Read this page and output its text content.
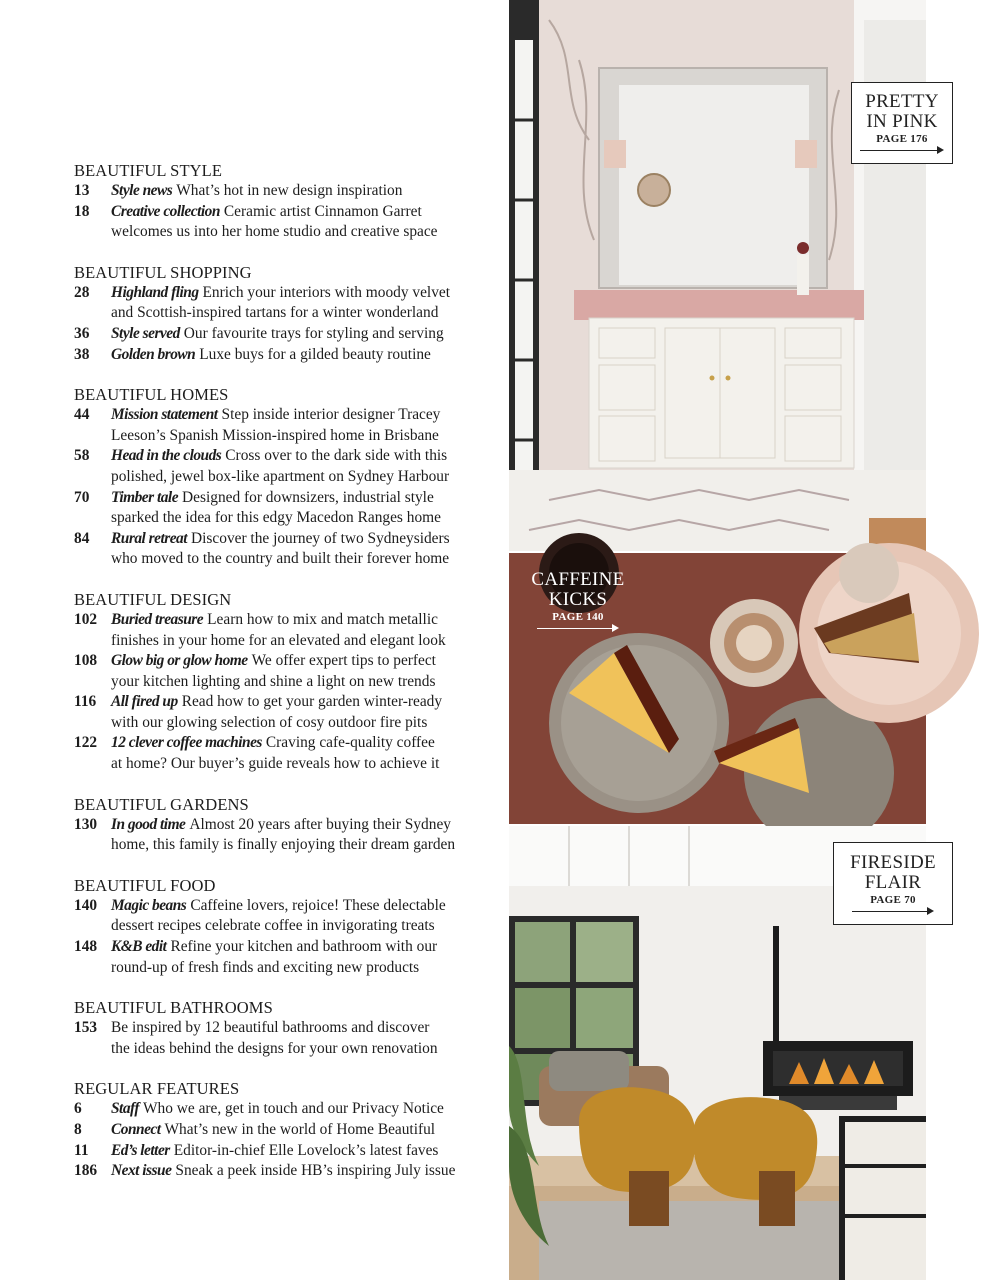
BEAUTIFUL STYLE
13	Style news What’s hot in new design inspiration
18	Creative collection Ceramic artist Cinnamon Garret
welcomes us into her home studio and creative space
BEAUTIFUL SHOPPING
28	Highland fling Enrich your interiors with moody velvet
and Scottish-inspired tartans for a winter wonderland
36	Style served Our favourite trays for styling and serving
38	Golden brown Luxe buys for a gilded beauty routine
BEAUTIFUL HOMES
44	Mission statement Step inside interior designer Tracey
Leeson’s Spanish Mission-inspired home in Brisbane
58	Head in the clouds Cross over to the dark side with this
polished, jewel box-like apartment on Sydney Harbour
70	Timber tale Designed for downsizers, industrial style
sparked the idea for this edgy Macedon Ranges home
84	Rural retreat Discover the journey of two Sydneysiders
who moved to the country and built their forever home
BEAUTIFUL DESIGN
102 Buried treasure Learn how to mix and match metallic
finishes in your home for an elevated and elegant look
108 Glow big or glow home We offer expert tips to perfect
your kitchen lighting and shine a light on new trends
116 All fired up Read how to get your garden winter-ready
with our glowing selection of cosy outdoor fire pits
122 12 clever coffee machines Craving cafe-quality coffee
at home? Our buyer’s guide reveals how to achieve it
BEAUTIFUL GARDENS
130 In good time Almost 20 years after buying their Sydney
home, this family is finally enjoying their dream garden
BEAUTIFUL FOOD
140 Magic beans Caffeine lovers, rejoice! These delectable
dessert recipes celebrate coffee in invigorating treats
148 K&B edit Refine your kitchen and bathroom with our
round-up of fresh finds and exciting new products
BEAUTIFUL BATHROOMS
153 Be inspired by 12 beautiful bathrooms and discover
the ideas behind the designs for your own renovation
REGULAR FEATURES
6	Staff Who we are, get in touch and our Privacy Notice
8	Connect What’s new in the world of Home Beautiful
11	Ed’s letter Editor-in-chief Elle Lovelock’s latest faves
186 Next issue Sneak a peek inside HB’s inspiring July issue
PRETTY
IN PINK
PAGE 176
CAFFEINE
KICKS
PAGE 140
FIRESIDE
FLAIR
PAGE 70
